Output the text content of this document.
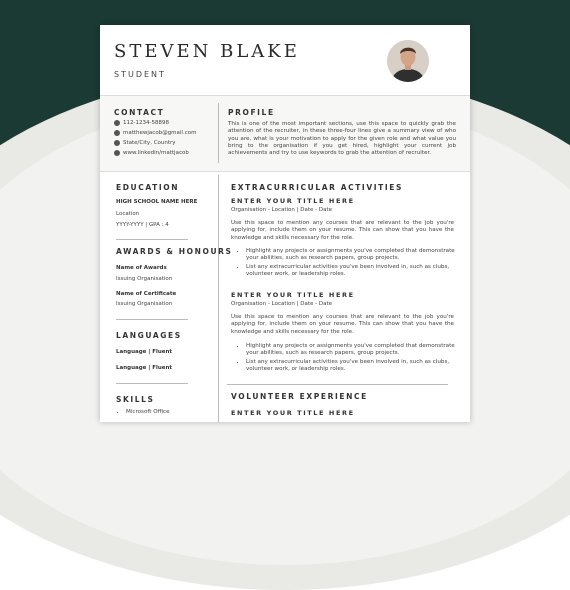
STEVEN BLAKE
STUDENT
CONTACT
112-1234-58898
matthewjacob@gmail.com
State/City, Country
www.linkedin/mattjacob
PROFILE
This is one of the most important sections, use this space to quickly grab the attention of the recruiter, in these three-four lines give a summary view of who you are, what is your motivation to apply for the given role and what value you bring to the organisation if you get hired, highlight your current job achievements and try to use keywords to grab the attention of recruiter.
EDUCATION
HIGH SCHOOL NAME HERE
Location
YYYY-YYYY | GPA : 4
AWARDS & HONOURS
Name of Awards
Issuing Organisation
Name of Certificate
Issuing Organisation
LANGUAGES
Language | Fluent
Language | Fluent
SKILLS
• Microsoft Office
EXTRACURRICULAR ACTIVITIES
ENTER YOUR TITLE HERE
Organisation - Location | Date - Date
Use this space to mention any courses that are relevant to the job you're applying for, include them on your resume. This can show that you have the knowledge and skills necessary for the role.
• Highlight any projects or assignments you've completed that demonstrate your abilities, such as research papers, group projects.
• List any extracurricular activities you've been involved in, such as clubs, volunteer work, or leadership roles.
ENTER YOUR TITLE HERE
Organisation - Location | Date - Date
Use this space to mention any courses that are relevant to the job you're applying for, include them on your resume. This can show that you have the knowledge and skills necessary for the role.
• Highlight any projects or assignments you've completed that demonstrate your abilities, such as research papers, group projects.
• List any extracurricular activities you've been involved in, such as clubs, volunteer work, or leadership roles.
VOLUNTEER EXPERIENCE
ENTER YOUR TITLE HERE
